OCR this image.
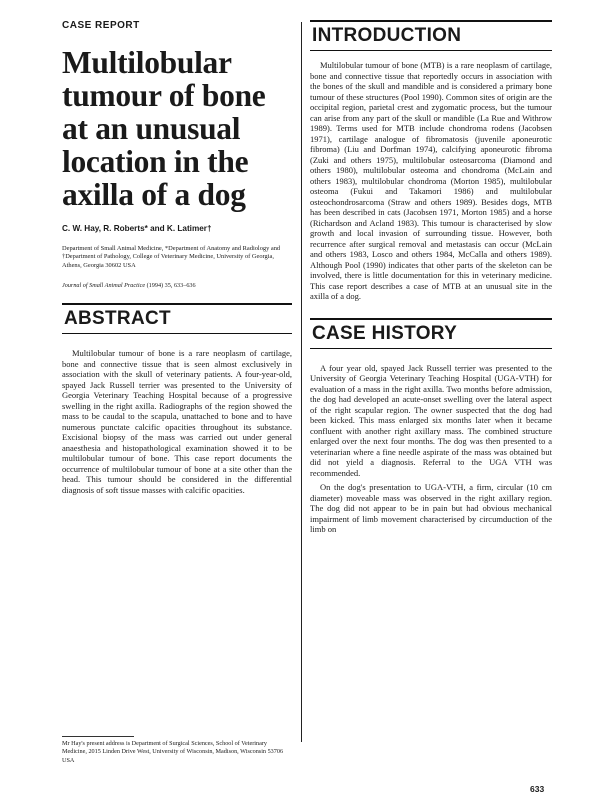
CASE REPORT
Multilobular tumour of bone at an unusual location in the axilla of a dog
C. W. Hay, R. Roberts* and K. Latimer†
Department of Small Animal Medicine, *Department of Anatomy and Radiology and †Department of Pathology, College of Veterinary Medicine, University of Georgia, Athens, Georgia 30602 USA
Journal of Small Animal Practice (1994) 35, 633–636
ABSTRACT

Multilobular tumour of bone is a rare neoplasm of cartilage, bone and connective tissue that is seen almost exclusively in association with the skull of veterinary patients. A four-year-old, spayed Jack Russell terrier was presented to the University of Georgia Veterinary Teaching Hospital because of a progressive swelling in the right axilla. Radiographs of the region showed the mass to be caudal to the scapula, unattached to bone and to have numerous punctate calcific opacities throughout its substance. Excisional biopsy of the mass was carried out under general anaesthesia and histopathological examination showed it to be multilobular tumour of bone. This case report documents the occurrence of multilobular tumour of bone at a site other than the head. This tumour should be considered in the differential diagnosis of soft tissue masses with calcific opacities.

Mr Hay's present address is Department of Surgical Sciences, School of Veterinary Medicine, 2015 Linden Drive West, University of Wisconsin, Madison, Wisconsin 53706 USA
INTRODUCTION

Multilobular tumour of bone (MTB) is a rare neoplasm of cartilage, bone and connective tissue that reportedly occurs in association with the bones of the skull and mandible and is considered a primary bone tumour of these structures (Pool 1990). Common sites of origin are the occipital region, parietal crest and zygomatic process, but the tumour can arise from any part of the skull or mandible (La Rue and Withrow 1989). Terms used for MTB include chondroma rodens (Jacobsen 1971), cartilage analogue of fibromatosis (juvenile aponeurotic fibroma) (Liu and Dorfman 1974), calcifying aponeurotic fibroma (Zuki and others 1975), multilobular osteosarcoma (Diamond and others 1980), multilobular osteoma and chondroma (McLain and others 1983), multilobular chondroma (Morton 1985), multilobular osteoma (Fukui and Takamori 1986) and multilobular osteochondrosarcoma (Straw and others 1989). Besides dogs, MTB has been described in cats (Jacobsen 1971, Morton 1985) and a horse (Richardson and Acland 1983). This tumour is characterised by slow growth and local invasion of surrounding tissue. However, both recurrence after surgical removal and metastasis can occur (McLain and others 1983, Losco and others 1984, McCalla and others 1989). Although Pool (1990) indicates that other parts of the skeleton can be involved, there is little documentation for this in veterinary medicine. This case report describes a case of MTB at an unusual site in the axilla of a dog.

CASE HISTORY

A four year old, spayed Jack Russell terrier was presented to the University of Georgia Veterinary Teaching Hospital (UGA-VTH) for evaluation of a mass in the right axilla. Two months before admission, the dog had developed an acute-onset swelling over the lateral aspect of the right scapular region. The owner suspected that the dog had been kicked. This mass enlarged six months later when it became confluent with another right axillary mass. The combined structure enlarged over the next four months. The dog was then presented to a veterinarian where a fine needle aspirate of the mass was obtained but did not yield a diagnosis. Referral to the UGA VTH was recommended.

On the dog's presentation to UGA-VTH, a firm, circular (10 cm diameter) moveable mass was observed in the right axillary region. The dog did not appear to be in pain but had obvious mechanical impairment of limb movement characterised by circumduction of the limb on

633
